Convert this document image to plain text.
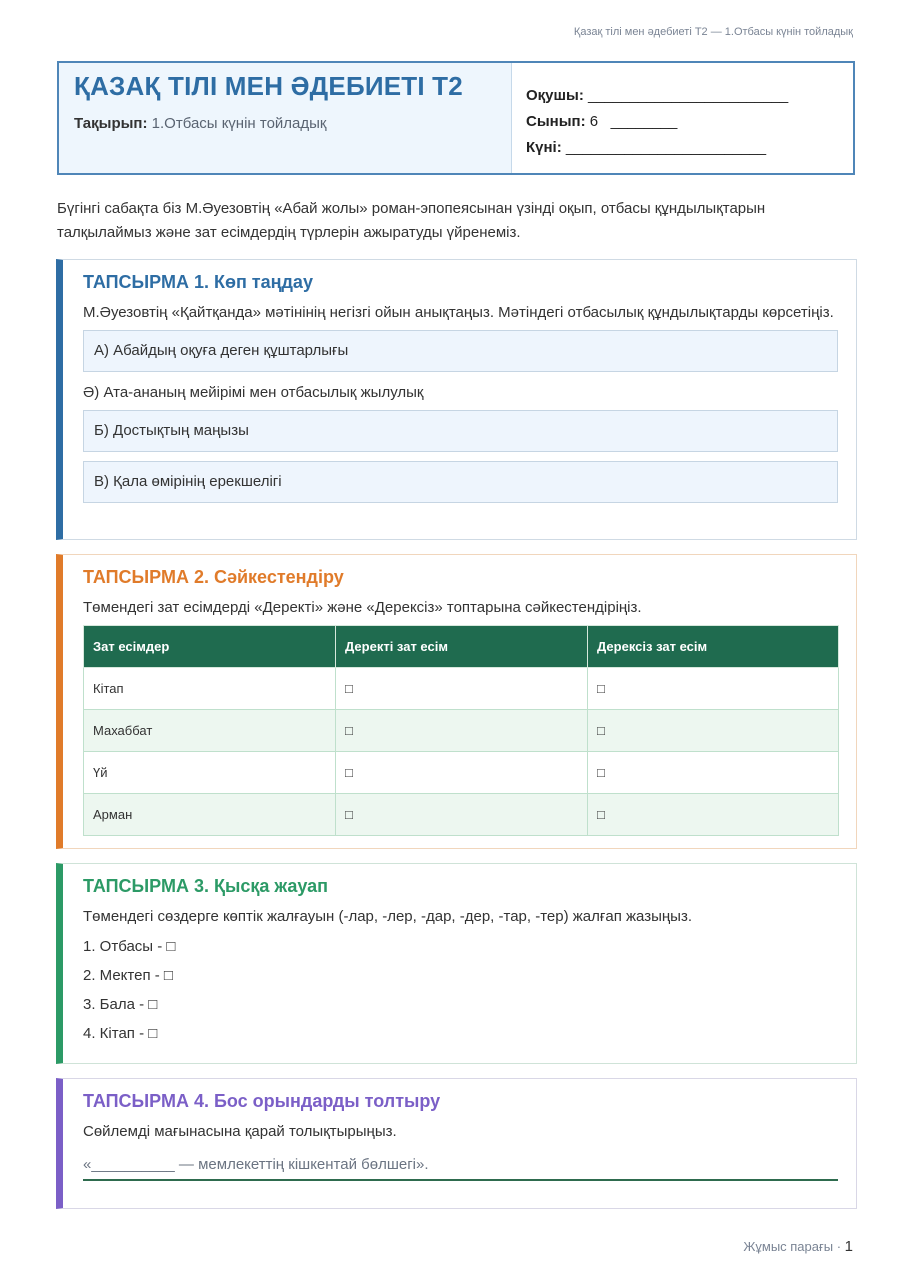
Қазақ тілі мен әдебиеті Т2 — 1.Отбасы күнін тойладық
ҚАЗАҚ ТІЛІ МЕН ӘДЕБИЕТІ Т2
Тақырып: 1.Отбасы күнін тойладық
Оқушы: ________________________
Сынып: 6 ________
Күні: ________________________
Бүгінгі сабақта біз М.Әуезовтің «Абай жолы» роман-эпопеясынан үзінді оқып, отбасы құндылықтарын талқылаймыз және зат есімдердің түрлерін ажыратуды үйренеміз.
ТАПСЫРМА 1. Көп таңдау
М.Әуезовтің «Қайтқанда» мәтінінің негізгі ойын анықтаңыз. Мәтіндегі отбасылық құндылықтарды көрсетіңіз.
А) Абайдың оқуға деген құштарлығы
Ә) Ата-ананың мейірімі мен отбасылық жылулық
Б) Достықтың маңызы
В) Қала өмірінің ерекшелігі
ТАПСЫРМА 2. Сәйкестендіру
Төмендегі зат есімдерді «Деректі» және «Дерексіз» топтарына сәйкестендіріңіз.
Зат есімдер	Деректі зат есім	Дерексіз зат есім
Кітап	□	□
Махаббат	□	□
Үй	□	□
Арман	□	□
ТАПСЫРМА 3. Қысқа жауап
Төмендегі сөздерге көптік жалғауын (-лар, -лер, -дар, -дер, -тар, -тер) жалғап жазыңыз.
1. Отбасы - □
2. Мектеп - □
3. Бала - □
4. Кітап - □
ТАПСЫРМА 4. Бос орындарды толтыру
Сөйлемді мағынасына қарай толықтырыңыз.
«__________ — мемлекеттің кішкентай бөлшегі».
Жұмыс парағы · 1
